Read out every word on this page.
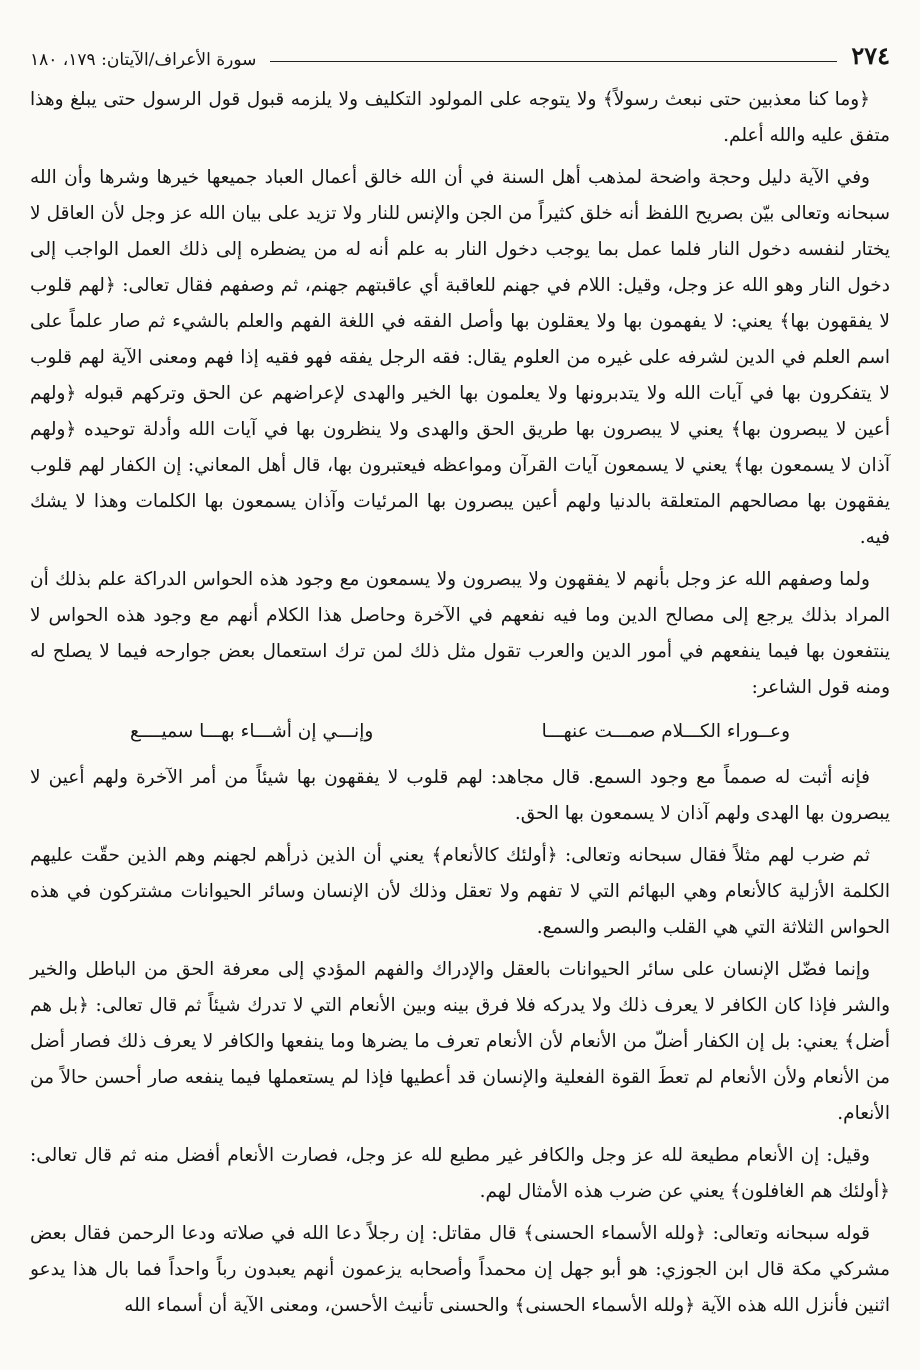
٢٧٤
سورة الأعراف/الآيتان: ١٧٩، ١٨٠

﴿وما كنا معذبين حتى نبعث رسولاً﴾ ولا يتوجه على المولود التكليف ولا يلزمه قبول قول الرسول حتى يبلغ وهذا متفق عليه والله أعلم.

وفي الآية دليل وحجة واضحة لمذهب أهل السنة في أن الله خالق أعمال العباد جميعها خيرها وشرها وأن الله سبحانه وتعالى بيّن بصريح اللفظ أنه خلق كثيراً من الجن والإنس للنار ولا تزيد على بيان الله عز وجل لأن العاقل لا يختار لنفسه دخول النار فلما عمل بما يوجب دخول النار به علم أنه له من يضطره إلى ذلك العمل الواجب إلى دخول النار وهو الله عز وجل، وقيل: اللام في جهنم للعاقبة أي عاقبتهم جهنم، ثم وصفهم فقال تعالى: ﴿لهم قلوب لا يفقهون بها﴾ يعني: لا يفهمون بها ولا يعقلون بها وأصل الفقه في اللغة الفهم والعلم بالشيء ثم صار علماً على اسم العلم في الدين لشرفه على غيره من العلوم يقال: فقه الرجل يفقه فهو فقيه إذا فهم ومعنى الآية لهم قلوب لا يتفكرون بها في آيات الله ولا يتدبرونها ولا يعلمون بها الخير والهدى لإعراضهم عن الحق وتركهم قبوله ﴿ولهم أعين لا يبصرون بها﴾ يعني لا يبصرون بها طريق الحق والهدى ولا ينظرون بها في آيات الله وأدلة توحيده ﴿ولهم آذان لا يسمعون بها﴾ يعني لا يسمعون آيات القرآن ومواعظه فيعتبرون بها، قال أهل المعاني: إن الكفار لهم قلوب يفقهون بها مصالحهم المتعلقة بالدنيا ولهم أعين يبصرون بها المرئيات وآذان يسمعون بها الكلمات وهذا لا يشك فيه.

ولما وصفهم الله عز وجل بأنهم لا يفقهون ولا يبصرون ولا يسمعون مع وجود هذه الحواس الدراكة علم بذلك أن المراد بذلك يرجع إلى مصالح الدين وما فيه نفعهم في الآخرة وحاصل هذا الكلام أنهم مع وجود هذه الحواس لا ينتفعون بها فيما ينفعهم في أمور الدين والعرب تقول مثل ذلك لمن ترك استعمال بعض جوارحه فيما لا يصلح له ومنه قول الشاعر:

وعــوراء الكـــلام صمـــت عنهـــا
وإنـــي إن أشـــاء بهـــا سميــــع

فإنه أثبت له صمماً مع وجود السمع. قال مجاهد: لهم قلوب لا يفقهون بها شيئاً من أمر الآخرة ولهم أعين لا يبصرون بها الهدى ولهم آذان لا يسمعون بها الحق.

ثم ضرب لهم مثلاً فقال سبحانه وتعالى: ﴿أولئك كالأنعام﴾ يعني أن الذين ذرأهم لجهنم وهم الذين حقّت عليهم الكلمة الأزلية كالأنعام وهي البهائم التي لا تفهم ولا تعقل وذلك لأن الإنسان وسائر الحيوانات مشتركون في هذه الحواس الثلاثة التي هي القلب والبصر والسمع.

وإنما فضّل الإنسان على سائر الحيوانات بالعقل والإدراك والفهم المؤدي إلى معرفة الحق من الباطل والخير والشر فإذا كان الكافر لا يعرف ذلك ولا يدركه فلا فرق بينه وبين الأنعام التي لا تدرك شيئاً ثم قال تعالى: ﴿بل هم أضل﴾ يعني: بل إن الكفار أضلّ من الأنعام لأن الأنعام تعرف ما يضرها وما ينفعها والكافر لا يعرف ذلك فصار أضل من الأنعام ولأن الأنعام لم تعطَ القوة الفعلية والإنسان قد أعطيها فإذا لم يستعملها فيما ينفعه صار أحسن حالاً من الأنعام.

وقيل: إن الأنعام مطيعة لله عز وجل والكافر غير مطيع لله عز وجل، فصارت الأنعام أفضل منه ثم قال تعالى: ﴿أولئك هم الغافلون﴾ يعني عن ضرب هذه الأمثال لهم.

قوله سبحانه وتعالى: ﴿ولله الأسماء الحسنى﴾ قال مقاتل: إن رجلاً دعا الله في صلاته ودعا الرحمن فقال بعض مشركي مكة قال ابن الجوزي: هو أبو جهل إن محمداً وأصحابه يزعمون أنهم يعبدون رباً واحداً فما بال هذا يدعو اثنين فأنزل الله هذه الآية ﴿ولله الأسماء الحسنى﴾ والحسنى تأنيث الأحسن، ومعنى الآية أن أسماء الله
